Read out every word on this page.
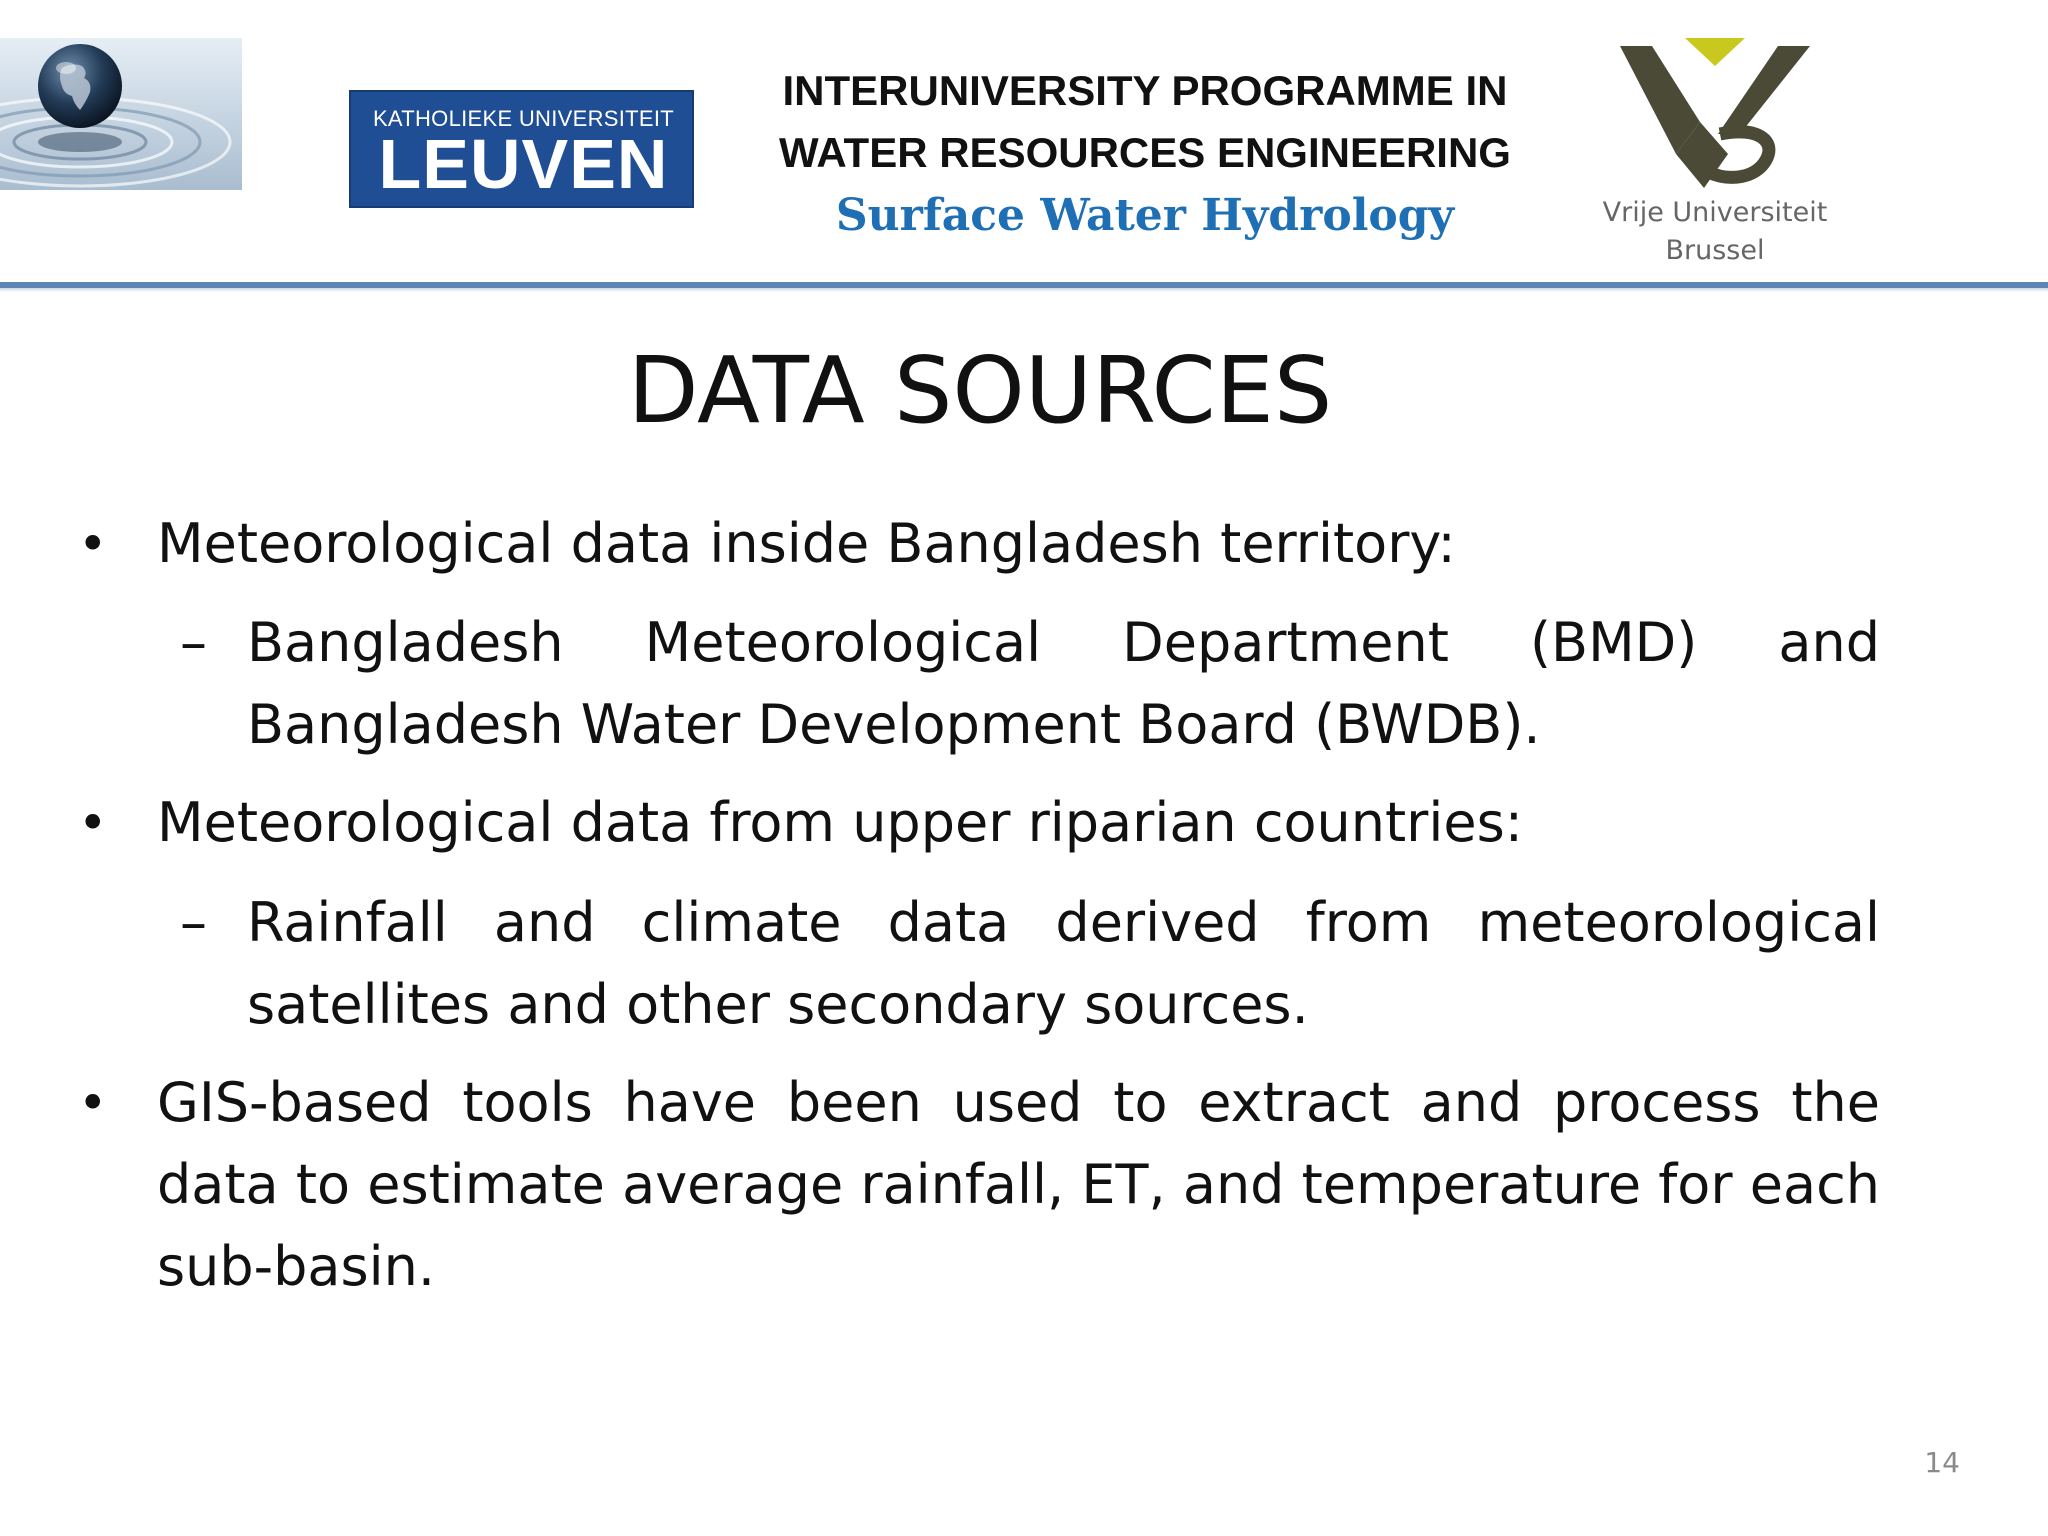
KATHOLIEKE UNIVERSITEIT
LEUVEN
INTERUNIVERSITY PROGRAMME IN
WATER RESOURCES ENGINEERING
Surface Water Hydrology	Vrije Universiteit
Brussel
DATA SOURCES
• Meteorological data inside Bangladesh territory:
– Bangladesh Meteorological Department (BMD) and Bangladesh Water Development Board (BWDB).
• Meteorological data from upper riparian countries:
– Rainfall and climate data derived from meteorological satellites and other secondary sources.
• GIS-based tools have been used to extract and process the data to estimate average rainfall, ET, and temperature for each sub-basin.
14
